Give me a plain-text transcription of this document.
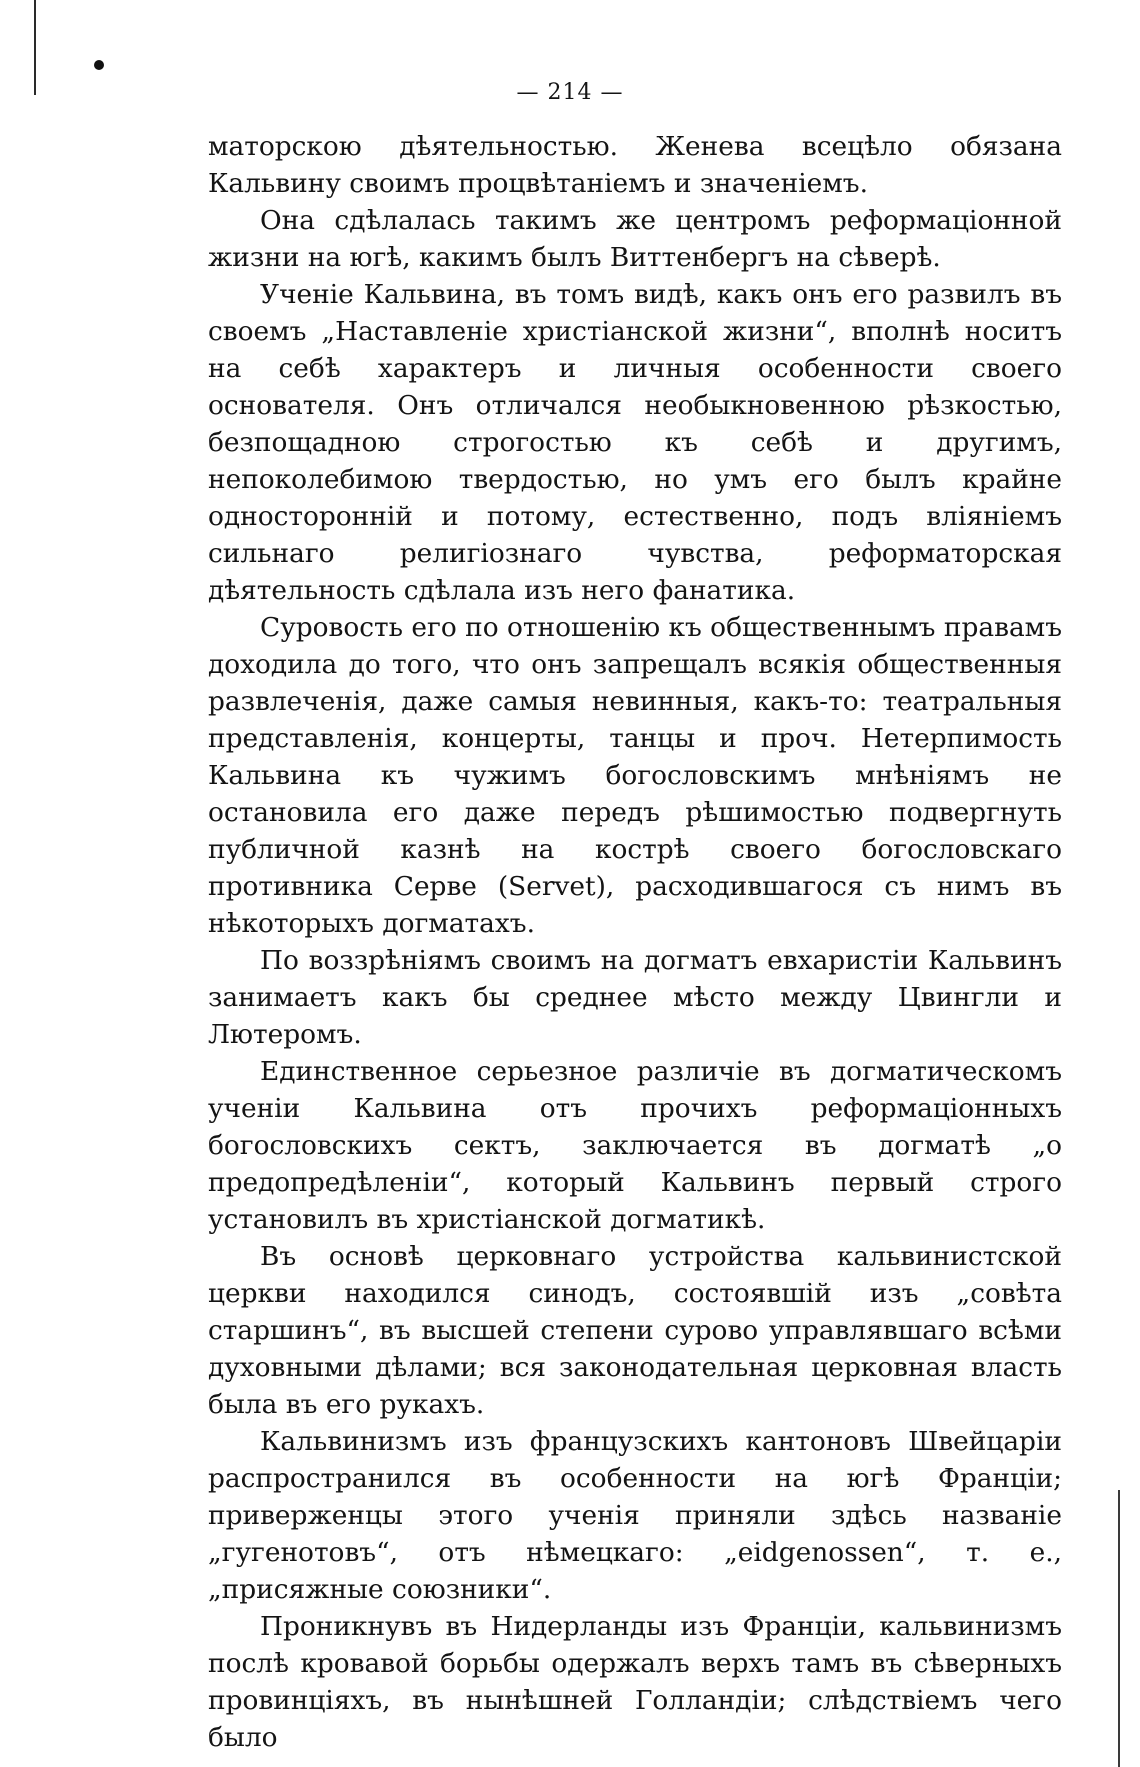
— 214 —

маторскою дѣятельностью. Женева всецѣло обязана Кальвину своимъ процвѣтаніемъ и значеніемъ.

Она сдѣлалась такимъ же центромъ реформаціонной жизни на югѣ, какимъ былъ Виттенбергъ на сѣверѣ.

Ученіе Кальвина, въ томъ видѣ, какъ онъ его развилъ въ своемъ „Наставленіе христіанской жизни“, вполнѣ носитъ на себѣ характеръ и личныя особенности своего основателя. Онъ отличался необыкновенною рѣзкостью, безпощадною строгостью къ себѣ и другимъ, непоколебимою твердостью, но умъ его былъ крайне односторонній и потому, естественно, подъ вліяніемъ сильнаго религіознаго чувства, реформаторская дѣятельность сдѣлала изъ него фанатика.

Суровость его по отношенію къ общественнымъ правамъ доходила до того, что онъ запрещалъ всякія общественныя развлеченія, даже самыя невинныя, какъ-то: театральныя представленія, концерты, танцы и проч. Нетерпимость Кальвина къ чужимъ богословскимъ мнѣніямъ не остановила его даже передъ рѣшимостью подвергнуть публичной казнѣ на кострѣ своего богословскаго противника Серве (Servet), расходившагося съ нимъ въ нѣкоторыхъ догматахъ.

По воззрѣніямъ своимъ на догматъ евхаристіи Кальвинъ занимаетъ какъ бы среднее мѣсто между Цвингли и Лютеромъ.

Единственное серьезное различіе въ догматическомъ ученіи Кальвина отъ прочихъ реформаціонныхъ богословскихъ сектъ, заключается въ догматѣ „о предопредѣленіи“, который Кальвинъ первый строго установилъ въ христіанской догматикѣ.

Въ основѣ церковнаго устройства кальвинистской церкви находился синодъ, состоявшій изъ „совѣта старшинъ“, въ высшей степени сурово управлявшаго всѣми духовными дѣлами; вся законодательная церковная власть была въ его рукахъ.

Кальвинизмъ изъ французскихъ кантоновъ Швейцаріи распространился въ особенности на югѣ Франціи; приверженцы этого ученія приняли здѣсь названіе „гугенотовъ“, отъ нѣмецкаго: „eidgenossen“, т. е., „присяжные союзники“.

Проникнувъ въ Нидерланды изъ Франціи, кальвинизмъ послѣ кровавой борьбы одержалъ верхъ тамъ въ сѣверныхъ провинціяхъ, въ нынѣшней Голландіи; слѣдствіемъ чего было
